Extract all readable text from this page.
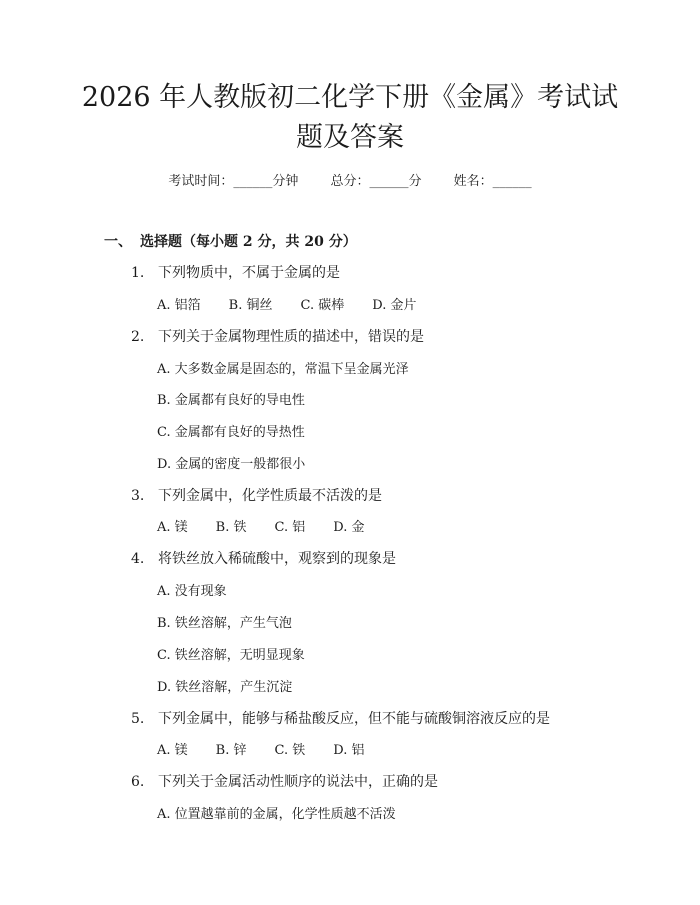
2026 年人教版初二化学下册《金属》考试试
题及答案
考试时间：______分钟 总分：______分 姓名：______
一、 选择题（每小题 2 分，共 20 分）
1. 下列物质中，不属于金属的是
A. 铝箔 B. 铜丝 C. 碳棒 D. 金片
2. 下列关于金属物理性质的描述中，错误的是
A. 大多数金属是固态的，常温下呈金属光泽
B. 金属都有良好的导电性
C. 金属都有良好的导热性
D. 金属的密度一般都很小
3. 下列金属中，化学性质最不活泼的是
A. 镁 B. 铁 C. 铝 D. 金
4. 将铁丝放入稀硫酸中，观察到的现象是
A. 没有现象
B. 铁丝溶解，产生气泡
C. 铁丝溶解，无明显现象
D. 铁丝溶解，产生沉淀
5. 下列金属中，能够与稀盐酸反应，但不能与硫酸铜溶液反应的是
A. 镁 B. 锌 C. 铁 D. 铝
6. 下列关于金属活动性顺序的说法中，正确的是
A. 位置越靠前的金属，化学性质越不活泼
